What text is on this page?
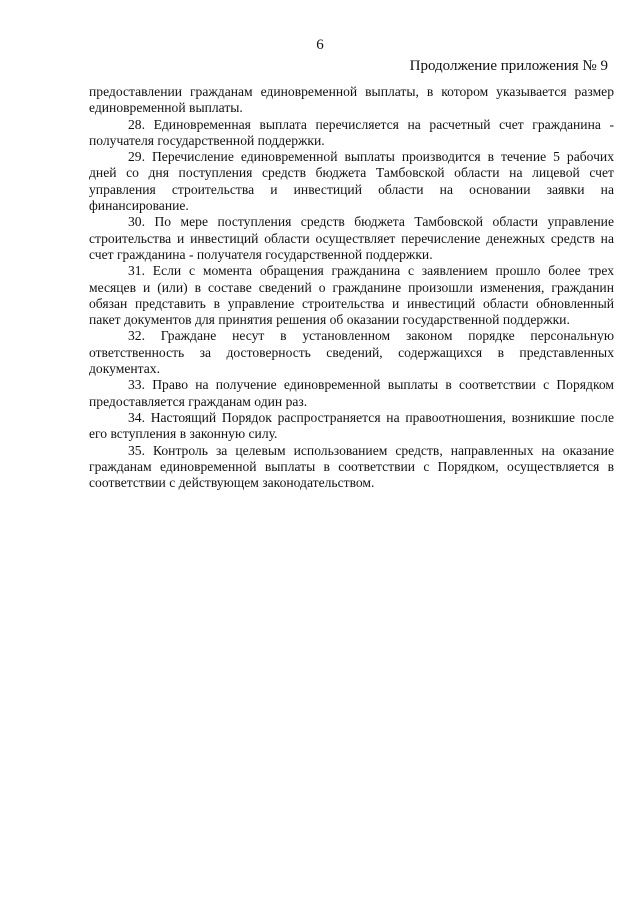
6
Продолжение приложения № 9

предоставлении гражданам единовременной выплаты, в котором указывается размер единовременной выплаты.

28. Единовременная выплата перечисляется на расчетный счет гражданина - получателя государственной поддержки.

29. Перечисление единовременной выплаты производится в течение 5 рабочих дней со дня поступления средств бюджета Тамбовской области на лицевой счет управления строительства и инвестиций области на основании заявки на финансирование.

30. По мере поступления средств бюджета Тамбовской области управление строительства и инвестиций области осуществляет перечисление денежных средств на счет гражданина - получателя государственной поддержки.

31. Если с момента обращения гражданина с заявлением прошло более трех месяцев и (или) в составе сведений о гражданине произошли изменения, гражданин обязан представить в управление строительства и инвестиций области обновленный пакет документов для принятия решения об оказании государственной поддержки.

32. Граждане несут в установленном законом порядке персональную ответственность за достоверность сведений, содержащихся в представленных документах.

33. Право на получение единовременной выплаты в соответствии с Порядком предоставляется гражданам один раз.

34. Настоящий Порядок распространяется на правоотношения, возникшие после его вступления в законную силу.

35. Контроль за целевым использованием средств, направленных на оказание гражданам единовременной выплаты в соответствии с Порядком, осуществляется в соответствии с действующем законодательством.
